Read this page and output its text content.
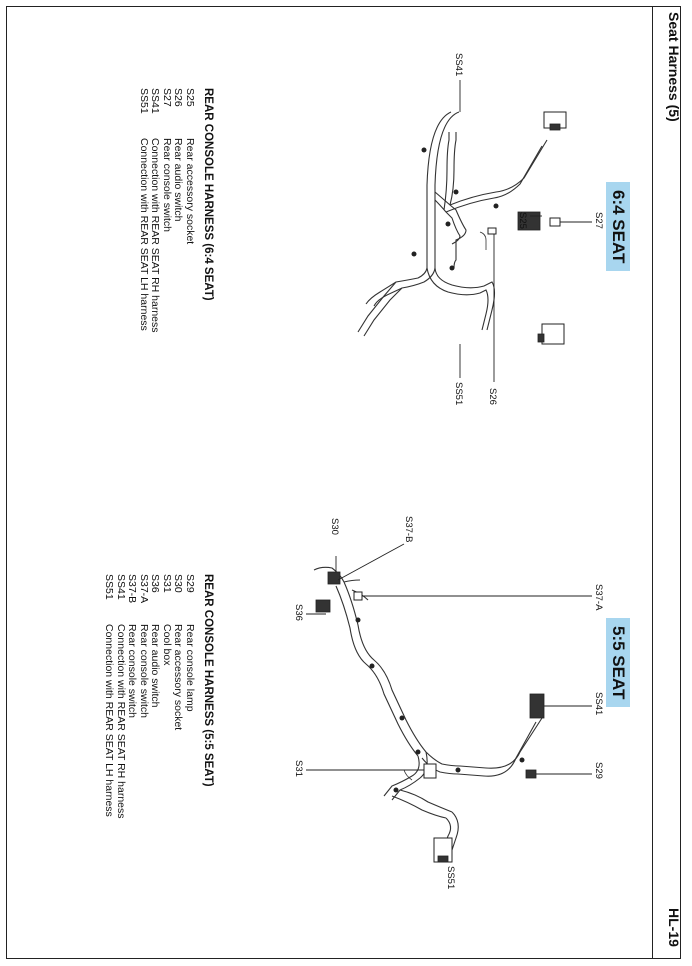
Seat Harness (5)
HL-19
6:4 SEAT
5:5 SEAT
REAR CONSOLE HARNESS (6:4 SEAT)
REAR CONSOLE HARNESS (5:5 SEAT)
S25
Rear accessory socket
S26
Rear audio switch
S27
Rear console switch
SS41
Connection with REAR SEAT RH harness
SS51
Connection with REAR SEAT LH harness
S29
Rear console lamp
S30
Rear accessory socket
S31
Cool box
S36
Rear audio switch
S37-A
Rear console switch
S37-B
Rear console switch
SS41
Connection with REAR SEAT RH harness
SS51
Connection with REAR SEAT LH harness
SS41
S25	S27
SS51 S26
S37-B
S30
S36
S37-A
SS41
S31	S29
SS51
